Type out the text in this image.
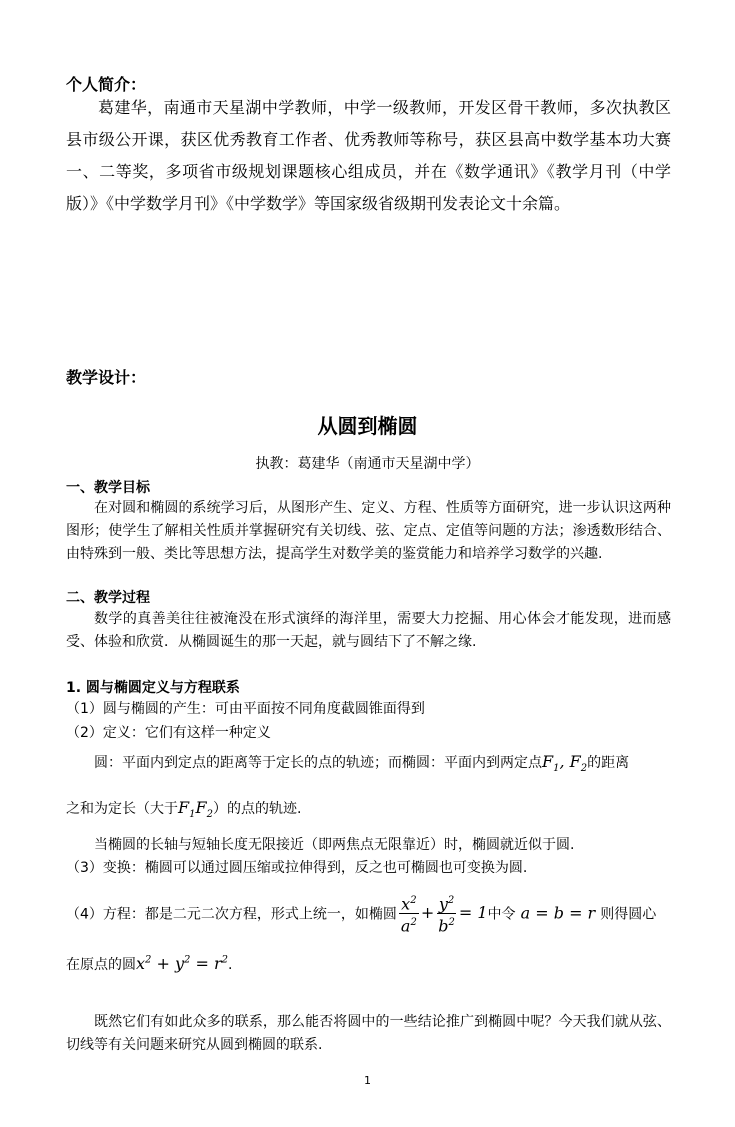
个人简介：
葛建华，南通市天星湖中学教师，中学一级教师，开发区骨干教师，多次执教区县市级公开课，获区优秀教育工作者、优秀教师等称号，获区县高中数学基本功大赛一、二等奖，多项省市级规划课题核心组成员，并在《数学通讯》《教学月刊（中学版）》《中学数学月刊》《中学数学》等国家级省级期刊发表论文十余篇。
教学设计：
从圆到椭圆
执教：葛建华（南通市天星湖中学）
一、教学目标
在对圆和椭圆的系统学习后，从图形产生、定义、方程、性质等方面研究，进一步认识这两种图形；使学生了解相关性质并掌握研究有关切线、弦、定点、定值等问题的方法；渗透数形结合、由特殊到一般、类比等思想方法，提高学生对数学美的鉴赏能力和培养学习数学的兴趣.
二、教学过程
数学的真善美往往被淹没在形式演绎的海洋里，需要大力挖掘、用心体会才能发现，进而感受、体验和欣赏．从椭圆诞生的那一天起，就与圆结下了不解之缘.
1. 圆与椭圆定义与方程联系
（1）圆与椭圆的产生：可由平面按不同角度截圆锥面得到
（2）定义：它们有这样一种定义
圆：平面内到定点的距离等于定长的点的轨迹；而椭圆：平面内到两定点$F_1$, $F_2$的距离
之和为定长（大于$F_1F_2$）的点的轨迹.
当椭圆的长轴与短轴长度无限接近（即两焦点无限靠近）时，椭圆就近似于圆.
（3）变换：椭圆可以通过圆压缩或拉伸得到，反之也可椭圆也可变换为圆.
（4）方程：都是二元二次方程，形式上统一，如椭圆 $\frac{x^2}{a^2} + \frac{y^2}{b^2} = 1$中令 a = b = r 则得圆心
在原点的圆$x^2 + y^2 = r^2$.
既然它们有如此众多的联系，那么能否将圆中的一些结论推广到椭圆中呢？今天我们就从弦、切线等有关问题来研究从圆到椭圆的联系.
1
